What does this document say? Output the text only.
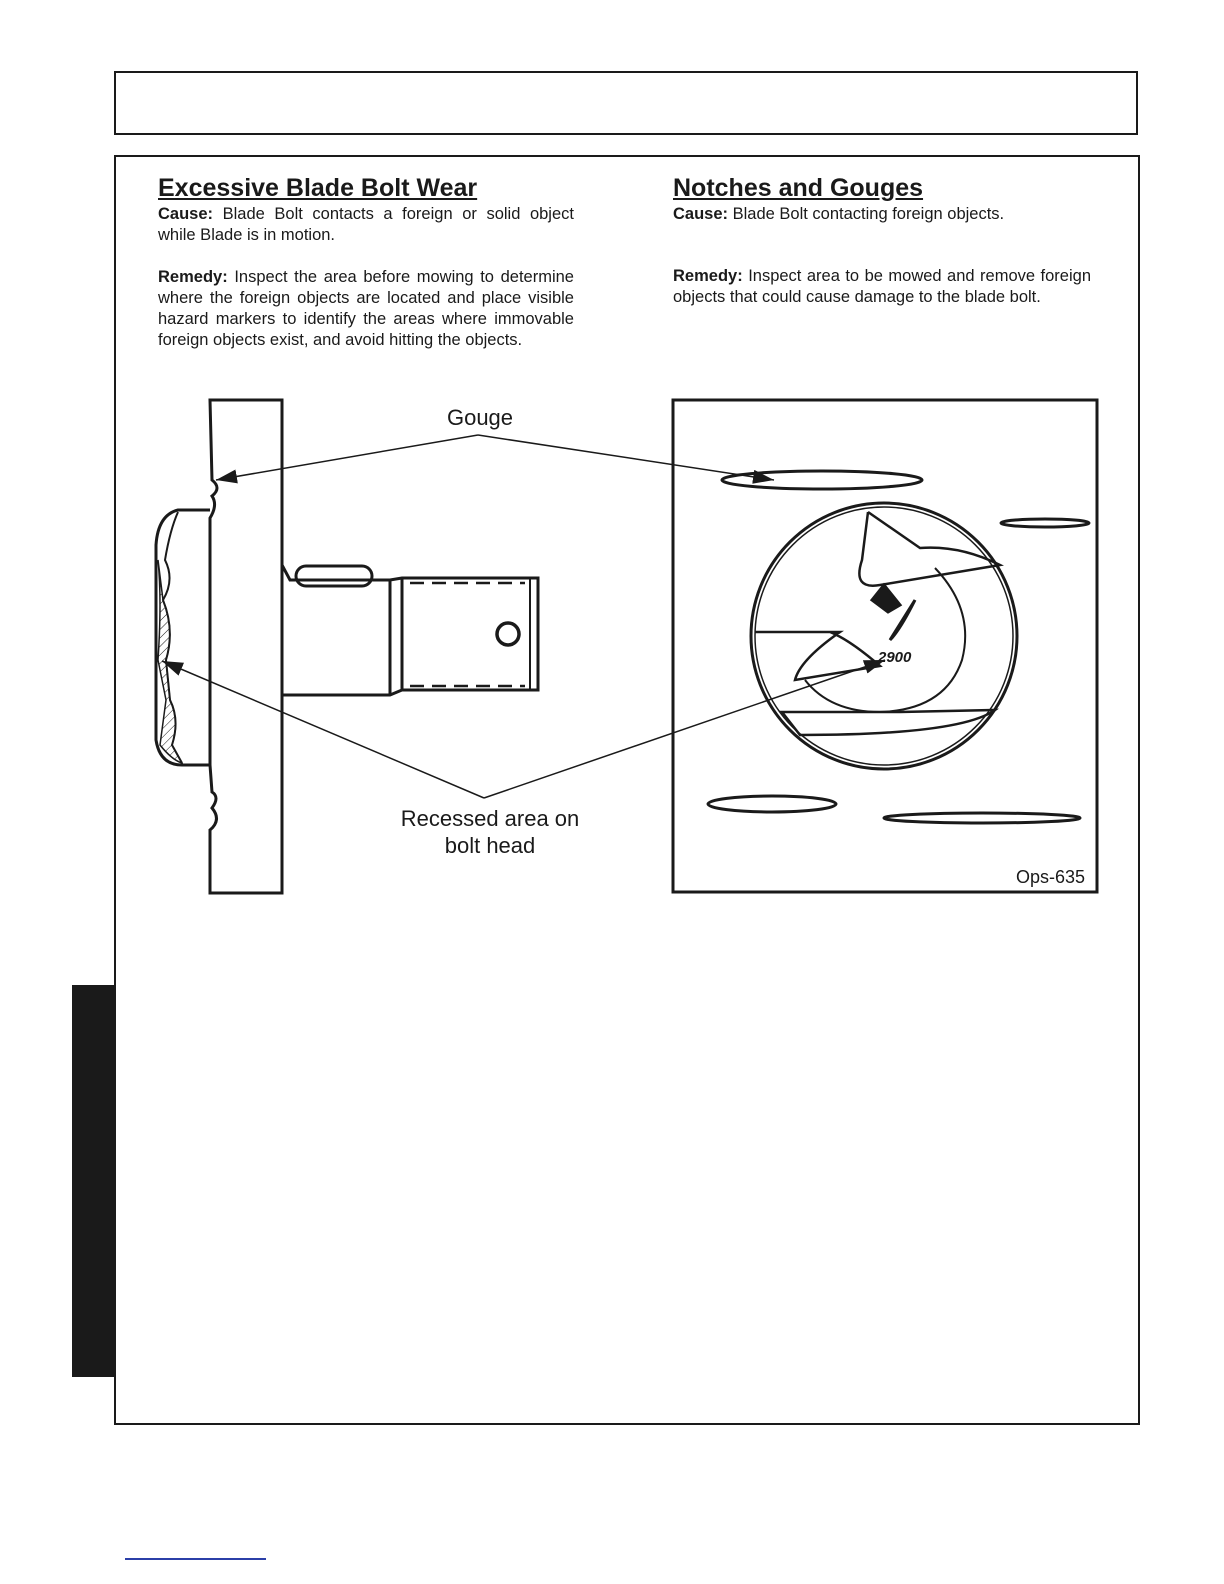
Excessive Blade Bolt Wear

Cause: Blade Bolt contacts a foreign or solid object while Blade is in motion.

Remedy: Inspect the area before mowing to determine where the foreign objects are located and place visible hazard markers to identify the areas where immovable foreign objects exist, and avoid hitting the objects.

Notches and Gouges

Cause: Blade Bolt contacting foreign objects.

Remedy: Inspect area to be mowed and remove foreign objects that could cause damage to the blade bolt.

2900
Gouge
Recessed area on
bolt head
Ops-635
